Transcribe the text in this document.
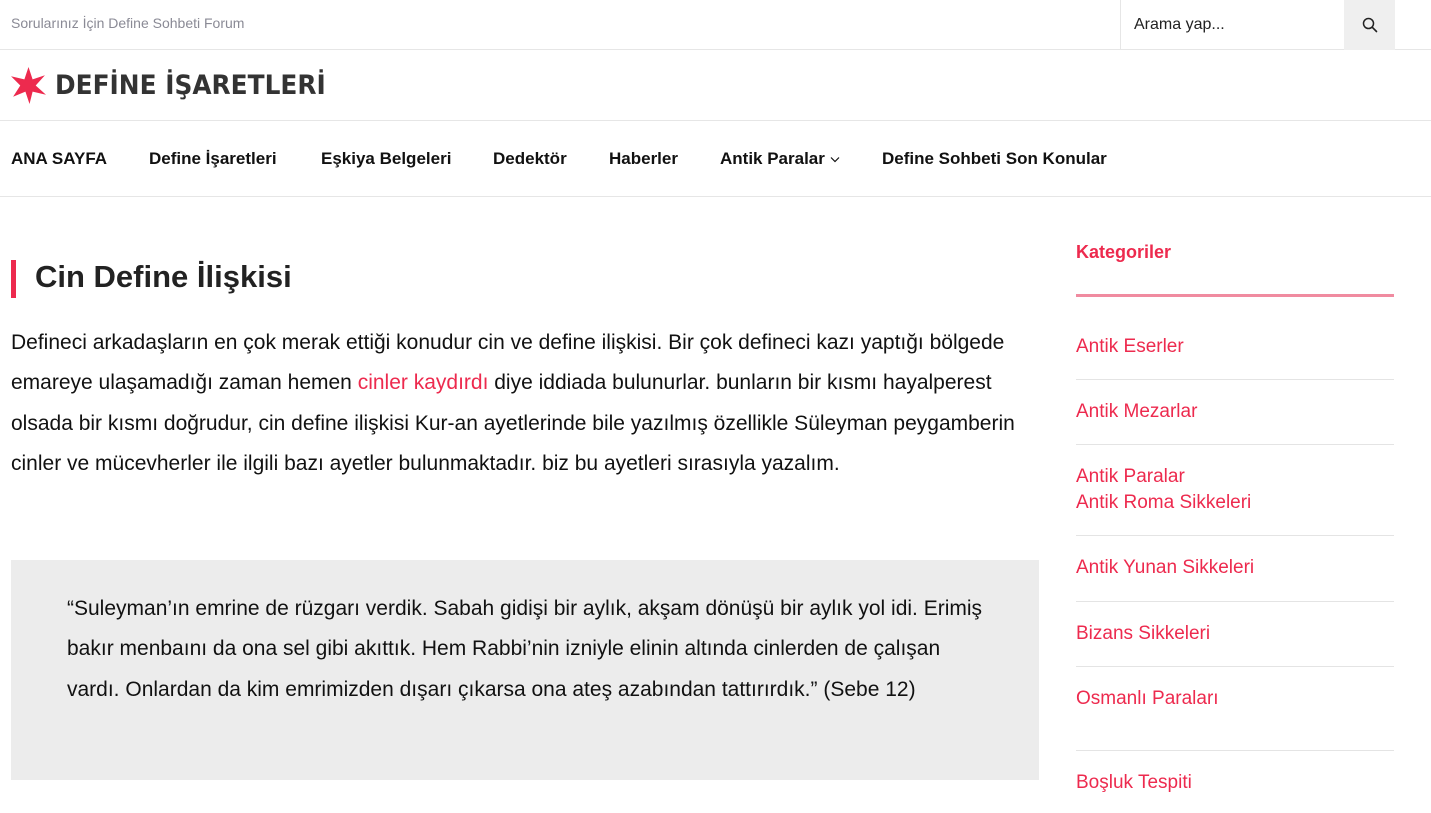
Sorularınız İçin Define Sohbeti Forum
Arama yap...
DEFİNE İŞARETLERİ
ANA SAYFA Define İşaretleri	Eşkiya Belgeleri Dedektör Haberler Antik Paralar	Define Sohbeti Son Konular
Cin Define İlişkisi

Defineci arkadaşların en çok merak ettiği konudur cin ve define ilişkisi. Bir çok defineci kazı yaptığı bölgede emareye ulaşamadığı zaman hemen cinler kaydırdı diye iddiada bulunurlar. bunların bir kısmı hayalperest olsada bir kısmı doğrudur, cin define ilişkisi Kur-an ayetlerinde bile yazılmış özellikle Süleyman peygamberin cinler ve mücevherler ile ilgili bazı ayetler bulunmaktadır. biz bu ayetleri sırasıyla yazalım.

“Suleyman’ın emrine de rüzgarı verdik. Sabah gidişi bir aylık, akşam dönüşü bir aylık yol idi. Erimiş bakır menbaını da ona sel gibi akıttık. Hem Rabbi’nin izniyle elinin altında cinlerden de çalışan vardı. Onlardan da kim emrimizden dışarı çıkarsa ona ateş azabından tattırırdık.” (Sebe 12)

Kategoriler
Antik Eserler
Antik Mezarlar
Antik Paralar
Antik Roma Sikkeleri
Antik Yunan Sikkeleri
Bizans Sikkeleri
Osmanlı Paraları
Boşluk Tespiti
